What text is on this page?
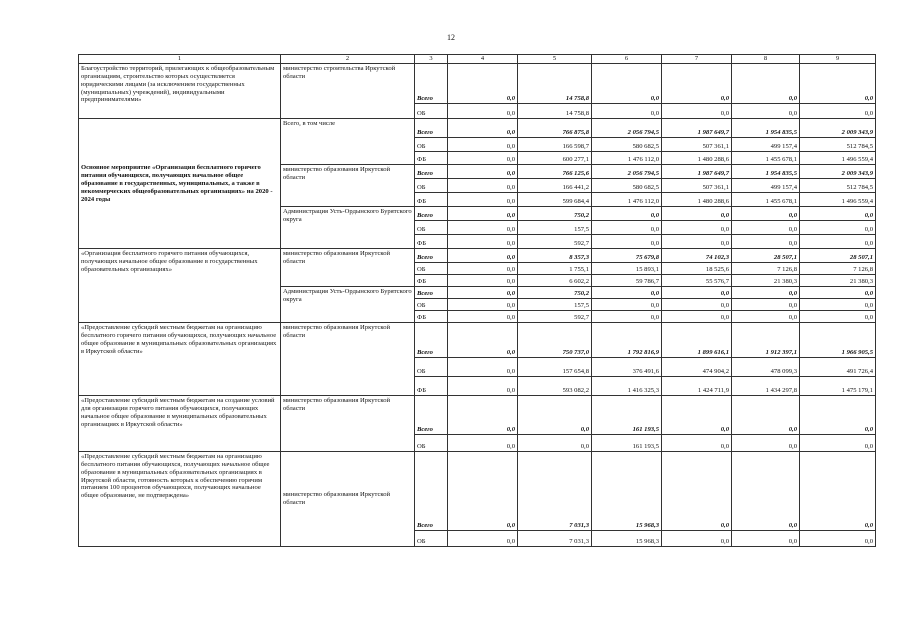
12
1	2	3	4	5	6	7	8	9
Благоустройство территорий, прилегающих к общеобразовательным организациям, строительство которых осуществляется юридическими лицами (за исключением государственных (муниципальных) учреждений), индивидуальными предпринимателями»	министерство строительства Иркутской области	Всего	0,0	14 758,8	0,0	0,0	0,0	0,0
		ОБ	0,0	14 758,8	0,0	0,0	0,0	0,0
Основное мероприятие «Организация бесплатного горячего питания обучающихся, получающих начальное общее образование в государственных, муниципальных, а также в некоммерческих общеобразовательных организациях» на 2020 - 2024 годы	Всего, в том числе	Всего	0,0	766 875,8	2 056 794,5	1 987 649,7	1 954 835,5	2 009 343,9
		ОБ	0,0	166 598,7	580 682,5	507 361,1	499 157,4	512 784,5
		ФБ	0,0	600 277,1	1 476 112,0	1 480 288,6	1 455 678,1	1 496 559,4
	министерство образования Иркутской области	Всего	0,0	766 125,6	2 056 794,5	1 987 649,7	1 954 835,5	2 009 343,9
		ОБ	0,0	166 441,2	580 682,5	507 361,1	499 157,4	512 784,5
		ФБ	0,0	599 684,4	1 476 112,0	1 480 288,6	1 455 678,1	1 496 559,4
	Администрация Усть-Ордынского Бурятского округа	Всего	0,0	750,2	0,0	0,0	0,0	0,0
		ОБ	0,0	157,5	0,0	0,0	0,0	0,0
		ФБ	0,0	592,7	0,0	0,0	0,0	0,0
«Организация бесплатного горячего питания обучающихся, получающих начальное общее образование в государственных образовательных организациях»	министерство образования Иркутской области	Всего	0,0	8 357,3	75 679,8	74 102,3	28 507,1	28 507,1
		ОБ	0,0	1 755,1	15 893,1	18 525,6	7 126,8	7 126,8
		ФБ	0,0	6 602,2	59 786,7	55 576,7	21 380,3	21 380,3
	Администрация Усть-Ордынского Бурятского округа	Всего	0,0	750,2	0,0	0,0	0,0	0,0
		ОБ	0,0	157,5	0,0	0,0	0,0	0,0
		ФБ	0,0	592,7	0,0	0,0	0,0	0,0
«Предоставление субсидий местным бюджетам на организацию бесплатного горячего питания обучающихся, получающих начальное общее образование в муниципальных образовательных организациях в Иркутской области»	министерство образования Иркутской области	Всего	0,0	750 737,0	1 792 816,9	1 899 616,1	1 912 397,1	1 966 905,5
		ОБ	0,0	157 654,8	376 491,6	474 904,2	478 099,3	491 726,4
		ФБ	0,0	593 082,2	1 416 325,3	1 424 711,9	1 434 297,8	1 475 179,1
«Предоставление субсидий местным бюджетам на создание условий для организации горячего питания обучающихся, получающих начальное общее образование в муниципальных образовательных организациях в Иркутской области»	министерство образования Иркутской области	Всего	0,0	0,0	161 193,5	0,0	0,0	0,0
		ОБ	0,0	0,0	161 193,5	0,0	0,0	0,0
«Предоставление субсидий местным бюджетам на организацию бесплатного питания обучающихся, получающих начальное общее образование в муниципальных образовательных организациях в Иркутской области, готовность которых к обеспечению горячим питанием 100 процентов обучающихся, получающих начальное общее образование, не подтверждена»	министерство образования Иркутской области	Всего	0,0	7 031,3	15 968,3	0,0	0,0	0,0
		ОБ	0,0	7 031,3	15 968,3	0,0	0,0	0,0
